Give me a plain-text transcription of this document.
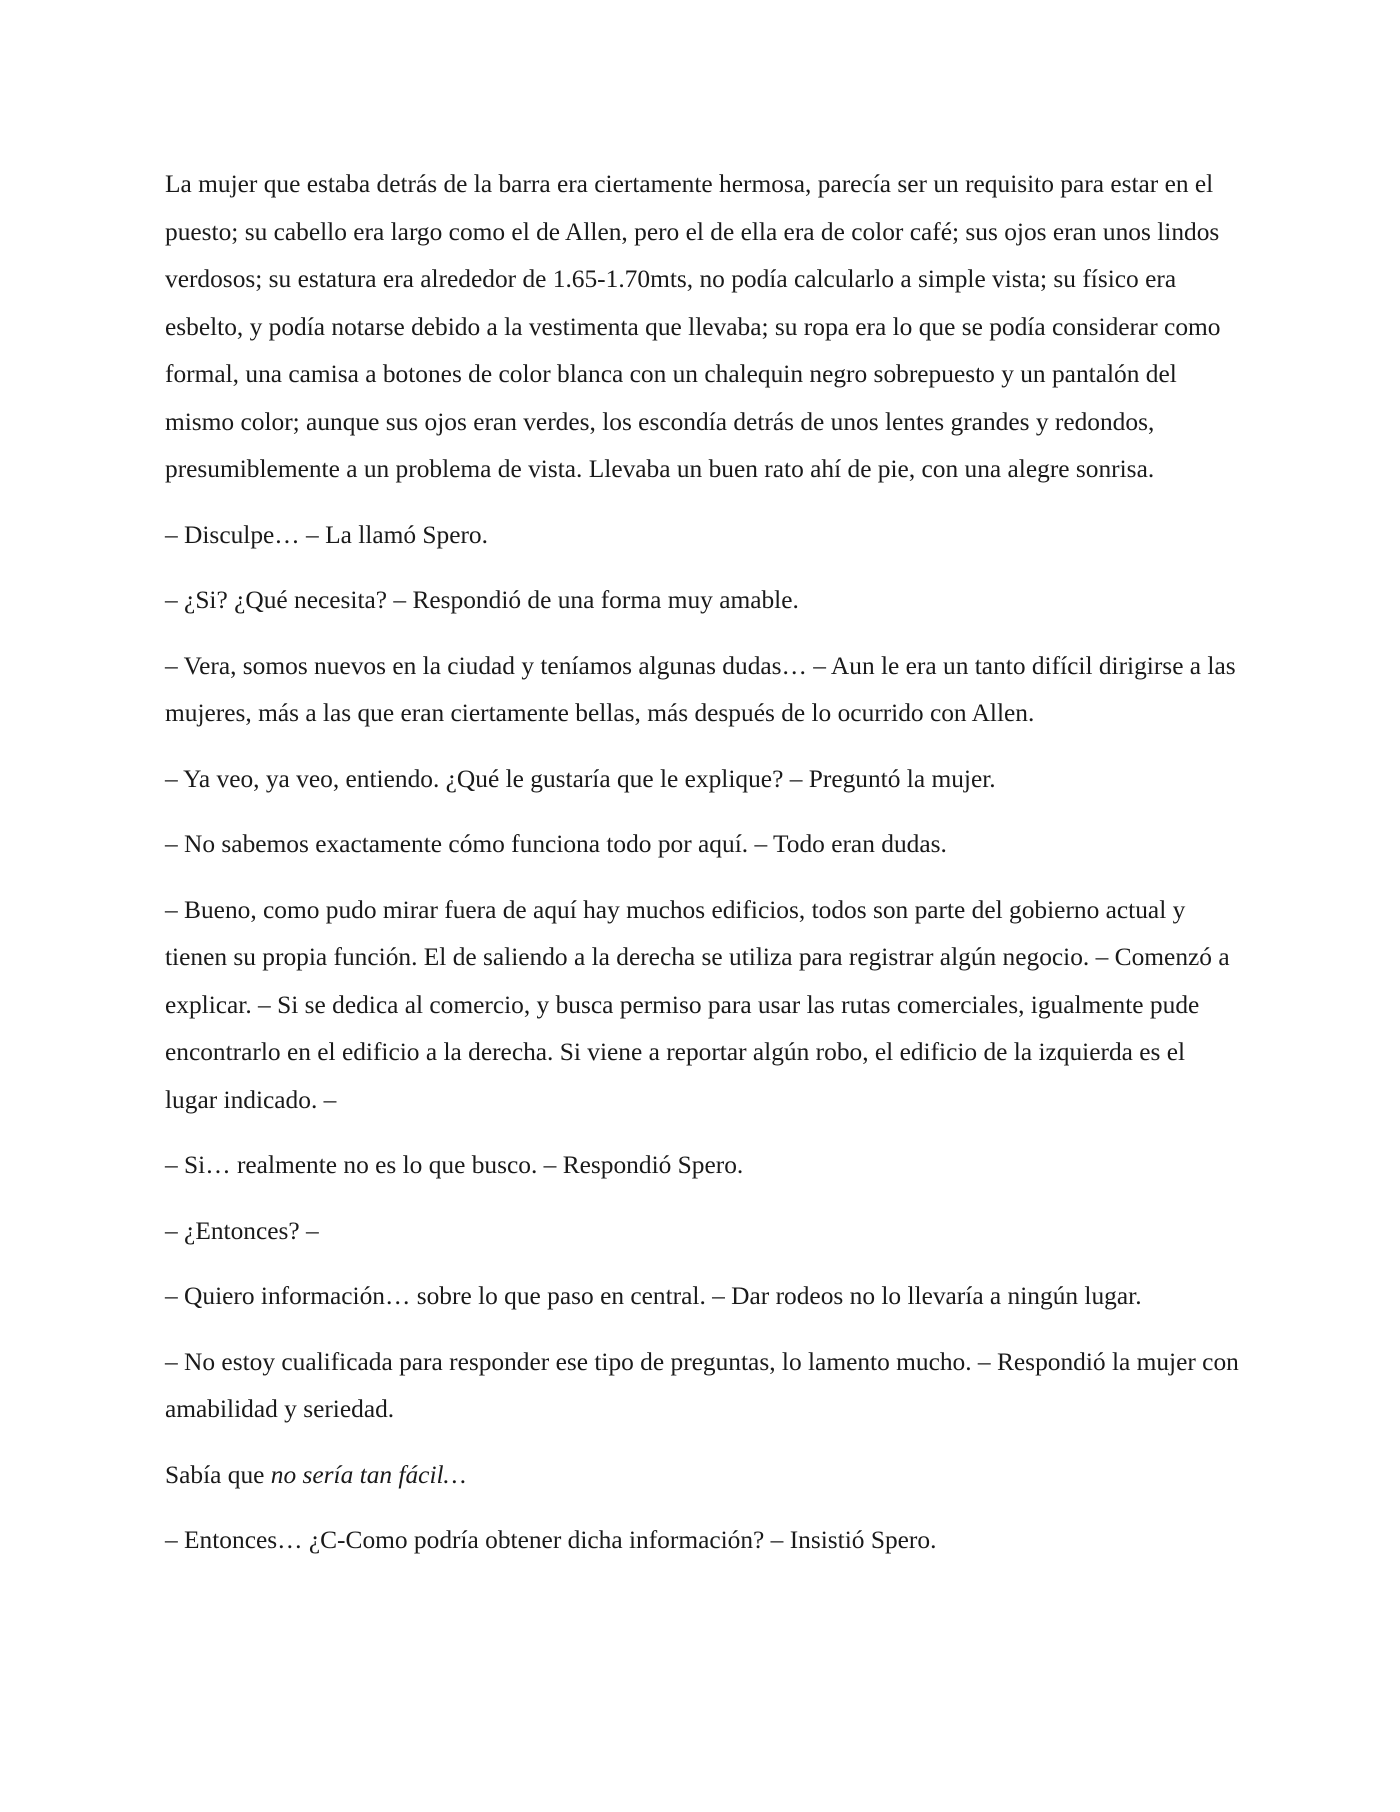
La mujer que estaba detrás de la barra era ciertamente hermosa, parecía ser un requisito para estar en el puesto; su cabello era largo como el de Allen, pero el de ella era de color café; sus ojos eran unos lindos verdosos; su estatura era alrededor de 1.65-1.70mts, no podía calcularlo a simple vista; su físico era esbelto, y podía notarse debido a la vestimenta que llevaba; su ropa era lo que se podía considerar como formal, una camisa a botones de color blanca con un chalequin negro sobrepuesto y un pantalón del mismo color; aunque sus ojos eran verdes, los escondía detrás de unos lentes grandes y redondos, presumiblemente a un problema de vista. Llevaba un buen rato ahí de pie, con una alegre sonrisa.

– Disculpe… – La llamó Spero.

– ¿Si? ¿Qué necesita? – Respondió de una forma muy amable.

– Vera, somos nuevos en la ciudad y teníamos algunas dudas… – Aun le era un tanto difícil dirigirse a las mujeres, más a las que eran ciertamente bellas, más después de lo ocurrido con Allen.

– Ya veo, ya veo, entiendo. ¿Qué le gustaría que le explique? – Preguntó la mujer.

– No sabemos exactamente cómo funciona todo por aquí. – Todo eran dudas.

– Bueno, como pudo mirar fuera de aquí hay muchos edificios, todos son parte del gobierno actual y tienen su propia función. El de saliendo a la derecha se utiliza para registrar algún negocio. – Comenzó a explicar. – Si se dedica al comercio, y busca permiso para usar las rutas comerciales, igualmente pude encontrarlo en el edificio a la derecha. Si viene a reportar algún robo, el edificio de la izquierda es el lugar indicado. –

– Si… realmente no es lo que busco. – Respondió Spero.

– ¿Entonces? –

– Quiero información… sobre lo que paso en central. – Dar rodeos no lo llevaría a ningún lugar.

– No estoy cualificada para responder ese tipo de preguntas, lo lamento mucho. – Respondió la mujer con amabilidad y seriedad.

Sabía que no sería tan fácil…

– Entonces… ¿C-Como podría obtener dicha información? – Insistió Spero.
